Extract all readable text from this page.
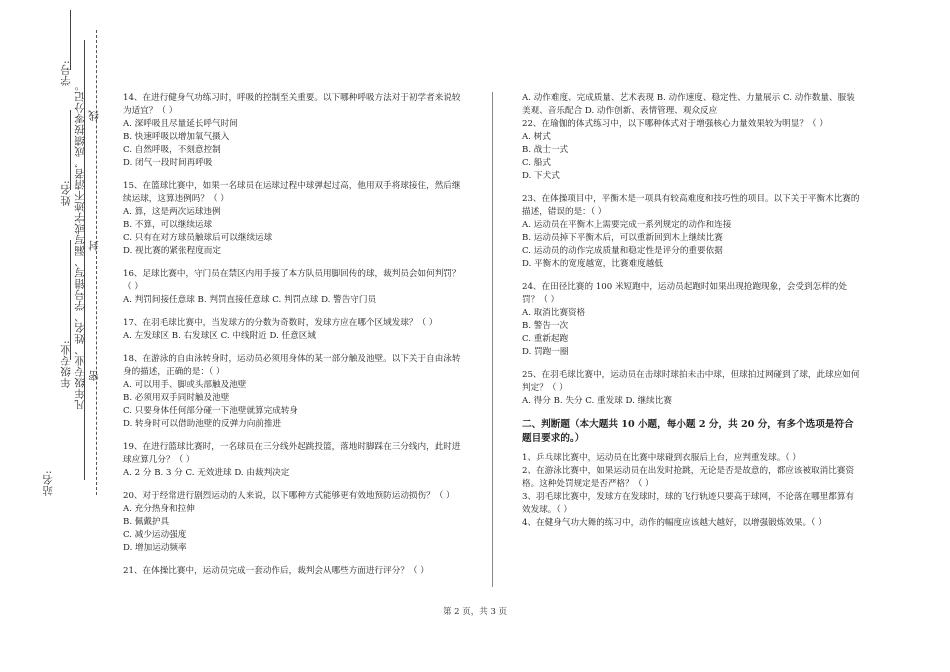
学号:
姓名:
年级专业:
站名:
凡年级专业、姓名、学号错写、漏写或字迹不清者，成绩按零分记。 线
封
密

14、在进行健身气功练习时，呼吸的控制至关重要。以下哪种呼吸方法对于初学者来说较为适宜？（ ）

A. 深呼吸且尽量延长呼气时间

B. 快速呼吸以增加氧气摄入

C. 自然呼吸，不刻意控制

D. 闭气一段时间再呼吸

15、在篮球比赛中，如果一名球员在运球过程中球弹起过高，他用双手将球接住，然后继续运球，这算违例吗？（ ）

A. 算，这是两次运球违例

B. 不算，可以继续运球

C. 只有在对方球员触球后可以继续运球

D. 视比赛的紧张程度而定

16、足球比赛中，守门员在禁区内用手接了本方队员用脚回传的球，裁判员会如何判罚？（ ）

A. 判罚间接任意球 B. 判罚直接任意球 C. 判罚点球 D. 警告守门员

17、在羽毛球比赛中，当发球方的分数为奇数时，发球方应在哪个区域发球？（ ）

A. 左发球区 B. 右发球区 C. 中线附近 D. 任意区域

18、在游泳的自由泳转身时，运动员必须用身体的某一部分触及池壁。以下关于自由泳转身的描述，正确的是：（ ）

A. 可以用手、脚或头部触及池壁

B. 必须用双手同时触及池壁

C. 只要身体任何部分碰一下池壁就算完成转身

D. 转身时可以借助池壁的反弹力向前推进

19、在进行篮球比赛时，一名球员在三分线外起跳投篮，落地时脚踩在三分线内，此时进球应算几分？（ ）

A. 2 分 B. 3 分 C. 无效进球 D. 由裁判决定

20、对于经常进行剧烈运动的人来说，以下哪种方式能够更有效地预防运动损伤？（ ）

A. 充分热身和拉伸

B. 佩戴护具

C. 减少运动强度

D. 增加运动频率

21、在体操比赛中，运动员完成一套动作后，裁判会从哪些方面进行评分？（ ）

A. 动作难度、完成质量、艺术表现 B. 动作速度、稳定性、力量展示 C. 动作数量、服装美观、音乐配合 D. 动作创新、表情管理、观众反应

22、在瑜伽的体式练习中，以下哪种体式对于增强核心力量效果较为明显？（ ）

A. 树式

B. 战士一式

C. 船式

D. 下犬式

23、在体操项目中，平衡木是一项具有较高难度和技巧性的项目。以下关于平衡木比赛的描述，错误的是：（ ）

A. 运动员在平衡木上需要完成一系列规定的动作和连接

B. 运动员掉下平衡木后，可以重新回到木上继续比赛

C. 运动员的动作完成质量和稳定性是评分的重要依据

D. 平衡木的宽度越宽，比赛难度越低

24、在田径比赛的 100 米短跑中，运动员起跑时如果出现抢跑现象，会受到怎样的处罚？（ ）

A. 取消比赛资格

B. 警告一次

C. 重新起跑

D. 罚跑一圈

25、在羽毛球比赛中，运动员在击球时球拍未击中球，但球拍过网碰到了球，此球应如何判定？（ ）

A. 得分 B. 失分 C. 重发球 D. 继续比赛

二、判断题（本大题共 10 小题，每小题 2 分，共 20 分，有多个选项是符合题目要求的。）

1、乒乓球比赛中，运动员在比赛中球碰到衣服后上台，应判重发球。（ ）

2、在游泳比赛中，如果运动员在出发时抢跳，无论是否是故意的，都应该被取消比赛资格。这种处罚规定是否严格？（ ）

3、羽毛球比赛中，发球方在发球时，球的飞行轨迹只要高于球网，不论落在哪里都算有效发球。（ ）

4、在健身气功大舞的练习中，动作的幅度应该越大越好，以增强锻炼效果。（ ）

第 2 页，共 3 页
